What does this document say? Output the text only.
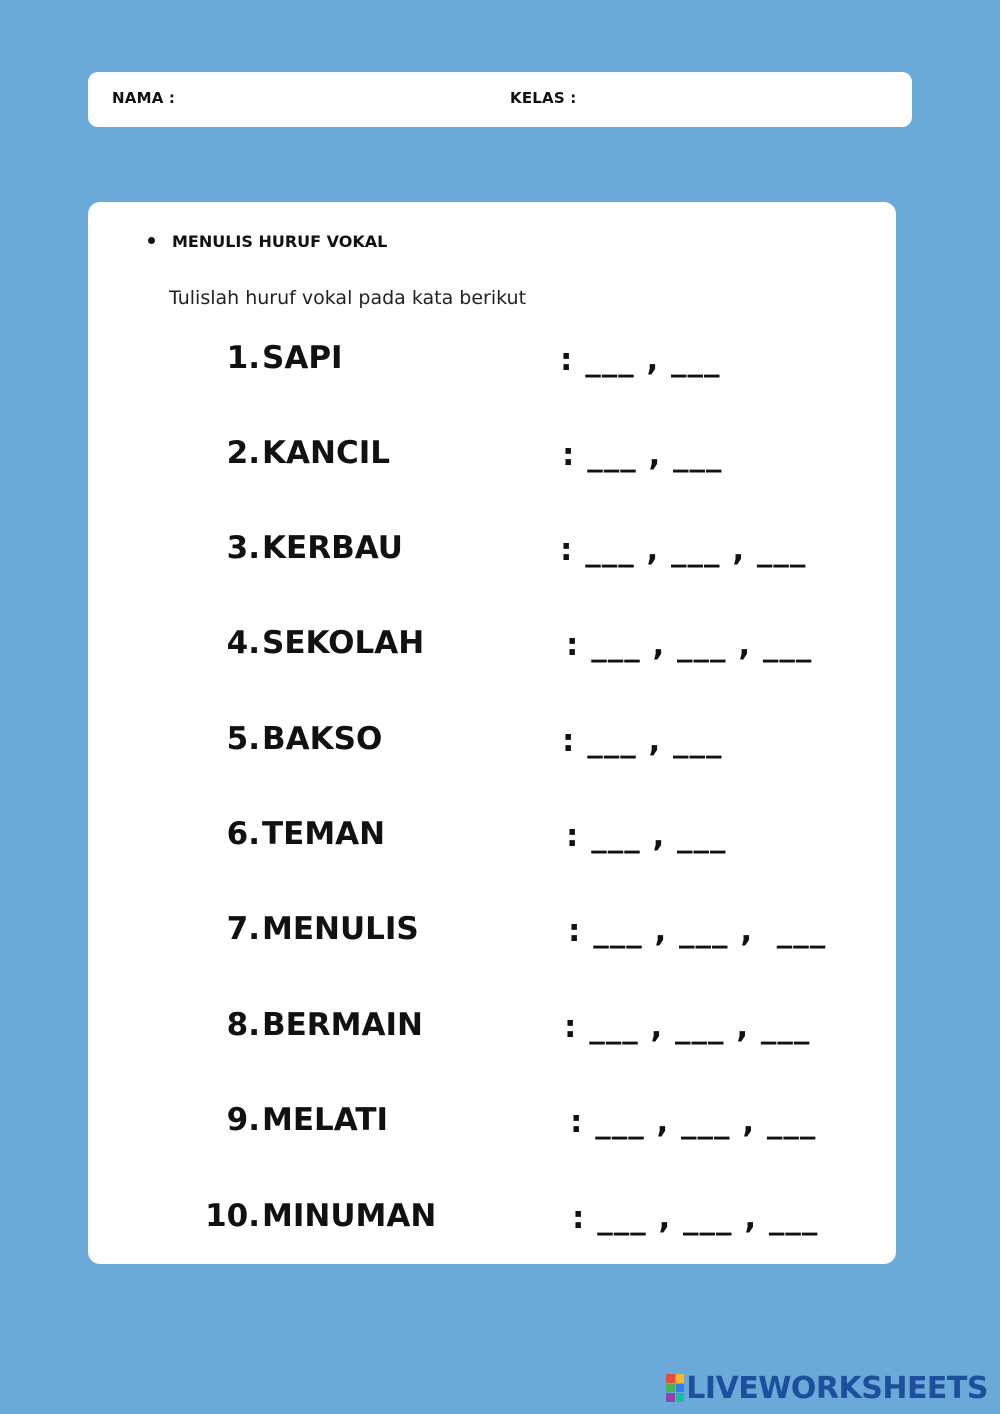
NAMA :	KELAS :
MENULIS HURUF VOKAL
Tulislah huruf vokal pada kata berikut
1. SAPI	: ___ , ___
2. KANCIL	: ___ , ___
3. KERBAU	: ___ , ___ , ___
4. SEKOLAH	: ___ , ___ , ___
5. BAKSO	: ___ , ___
6. TEMAN	: ___ , ___
7. MENULIS	: ___ , ___ ,  ___
8. BERMAIN	: ___ , ___ , ___
9. MELATI	: ___ , ___ , ___
10. MINUMAN	: ___ , ___ , ___
LIVEWORKSHEETS
